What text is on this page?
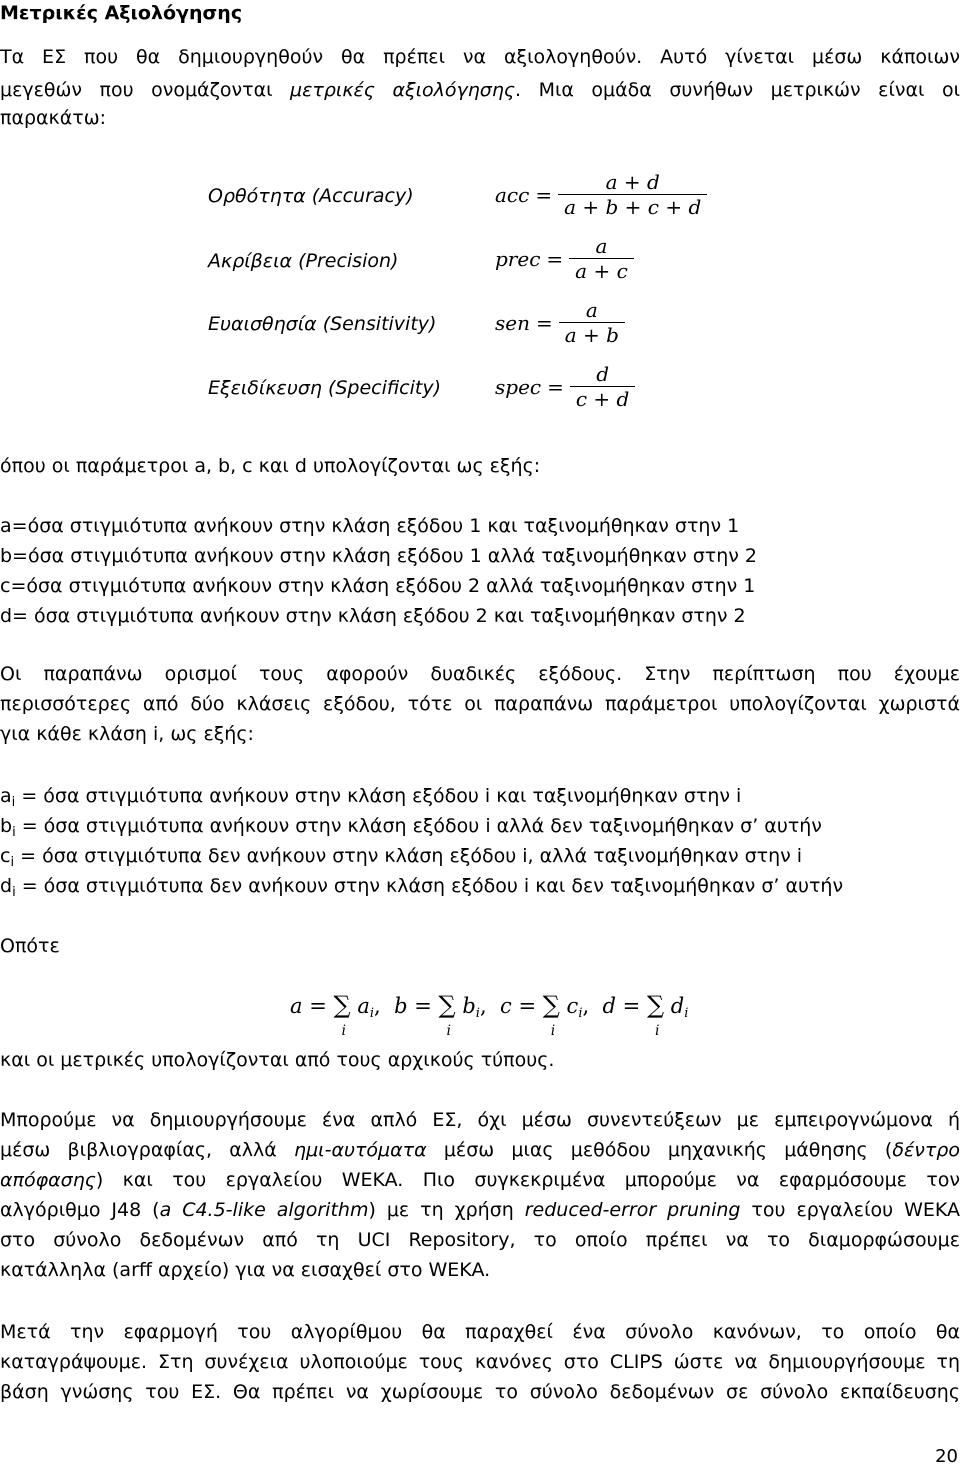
Μετρικές Αξιολόγησης
Τα ΕΣ που θα δημιουργηθούν θα πρέπει να αξιολογηθούν. Αυτό γίνεται μέσω κάποιων
μεγεθών που ονομάζονται μετρικές αξιολόγησης. Μια ομάδα συνήθων μετρικών είναι οι
παρακάτω:
Ορθότητα (Accuracy)
Ακρίβεια (Precision)
Ευαισθησία (Sensitivity)
Εξειδίκευση (Specificity)
acc = $\frac{a + d}{a + b + c + d}$
prec = $\frac{a}{a + c}$
sen = $\frac{a}{a + b}$
spec = $\frac{d}{c + d}$
όπου οι παράμετροι a, b, c και d υπολογίζονται ως εξής:
a=όσα στιγμιότυπα ανήκουν στην κλάση εξόδου 1 και ταξινομήθηκαν στην 1
b=όσα στιγμιότυπα ανήκουν στην κλάση εξόδου 1 αλλά ταξινομήθηκαν στην 2
c=όσα στιγμιότυπα ανήκουν στην κλάση εξόδου 2 αλλά ταξινομήθηκαν στην 1
d= όσα στιγμιότυπα ανήκουν στην κλάση εξόδου 2 και ταξινομήθηκαν στην 2
Οι παραπάνω ορισμοί τους αφορούν δυαδικές εξόδους. Στην περίπτωση που έχουμε
περισσότερες από δύο κλάσεις εξόδου, τότε οι παραπάνω παράμετροι υπολογίζονται χωριστά
για κάθε κλάση i, ως εξής:
$a_i = ό\sigma\alpha$ στιγμιότυπα ανήκουν στην κλάση εξόδου i και ταξινομήθηκαν στην i
$b_i = ό\sigma\alpha$ στιγμιότυπα ανήκουν στην κλάση εξόδου i αλλά δεν ταξινομήθηκαν σ’ αυτήν
$c_i = ό\sigma\alpha$ στιγμιότυπα δεν ανήκουν στην κλάση εξόδου i, αλλά ταξινομήθηκαν στην i
$d_i = ό\sigma\alpha$ στιγμιότυπα δεν ανήκουν στην κλάση εξόδου i και δεν ταξινομήθηκαν σ’ αυτήν
Οπότε
a = ∑
i
$a_i$, b = ∑
i
$b_i$, c = ∑
i
$c_i$, d = ∑
i
$d_i$
και οι μετρικές υπολογίζονται από τους αρχικούς τύπους.
Μπορούμε να δημιουργήσουμε ένα απλό ΕΣ, όχι μέσω συνεντεύξεων με εμπειρογνώμονα ή
μέσω βιβλιογραφίας, αλλά ημι-αυτόματα μέσω μιας μεθόδου μηχανικής μάθησης (δέντρο
απόφασης) και του εργαλείου WEKA. Πιο συγκεκριμένα μπορούμε να εφαρμόσουμε τον
αλγόριθμο J48 (a C4.5-like algorithm) με τη χρήση reduced-error pruning του εργαλείου WEKA
στο σύνολο δεδομένων από τη UCI Repository, το οποίο πρέπει να το διαμορφώσουμε
κατάλληλα (arff αρχείο) για να εισαχθεί στο WEKA.
Μετά την εφαρμογή του αλγορίθμου θα παραχθεί ένα σύνολο κανόνων, το οποίο θα
καταγράψουμε. Στη συνέχεια υλοποιούμε τους κανόνες στο CLIPS ώστε να δημιουργήσουμε τη
βάση γνώσης του ΕΣ. Θα πρέπει να χωρίσουμε το σύνολο δεδομένων σε σύνολο εκπαίδευσης
20
